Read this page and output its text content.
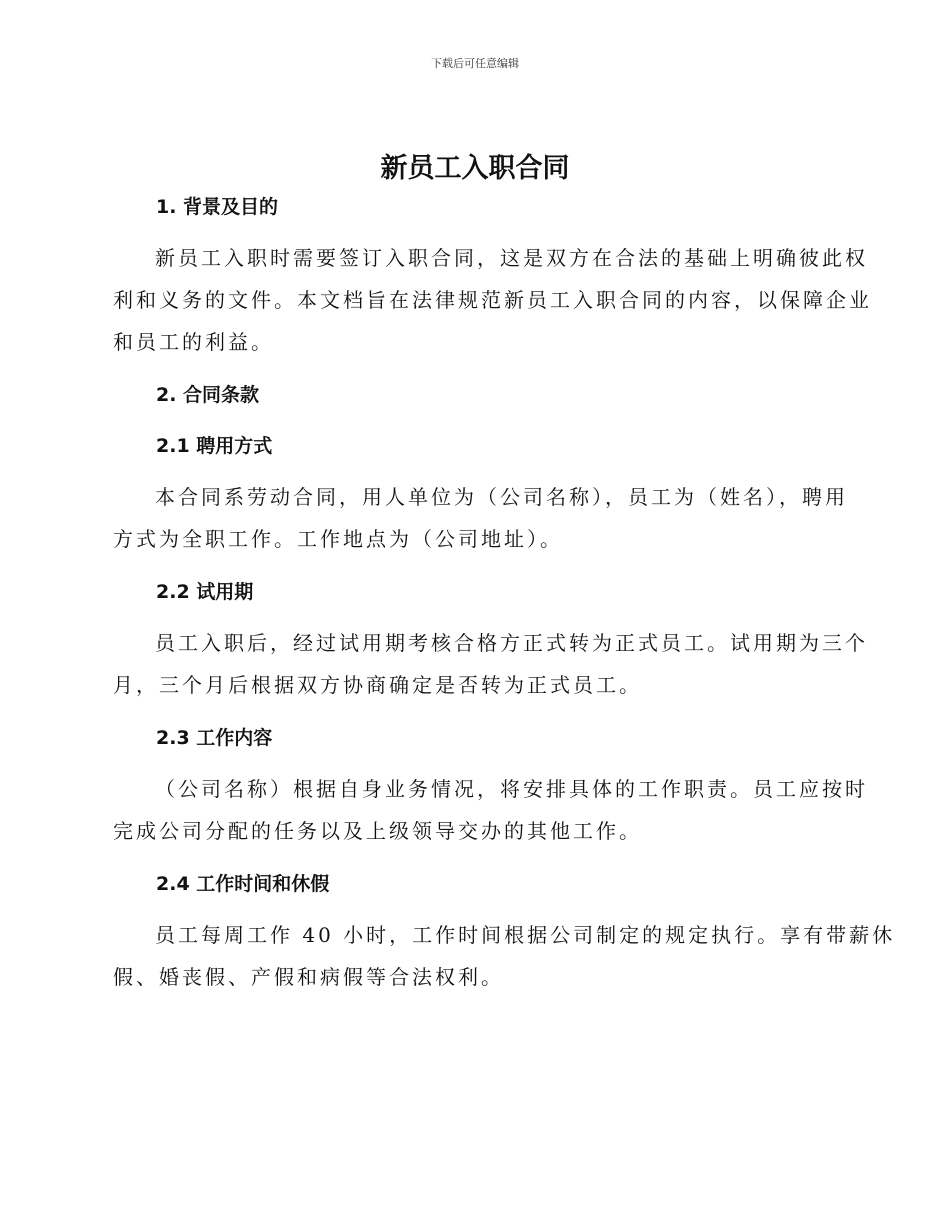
下载后可任意编辑
新员工入职合同
1. 背景及目的
新员工入职时需要签订入职合同，这是双方在合法的基础上明确彼此权
利和义务的文件。本文档旨在法律规范新员工入职合同的内容，以保障企业
和员工的利益。
2. 合同条款
2.1 聘用方式
本合同系劳动合同，用人单位为（公司名称），员工为（姓名），聘用
方式为全职工作。工作地点为（公司地址）。
2.2 试用期
员工入职后，经过试用期考核合格方正式转为正式员工。试用期为三个
月，三个月后根据双方协商确定是否转为正式员工。
2.3 工作内容
（公司名称）根据自身业务情况，将安排具体的工作职责。员工应按时
完成公司分配的任务以及上级领导交办的其他工作。
2.4 工作时间和休假
员工每周工作 40 小时，工作时间根据公司制定的规定执行。享有带薪休
假、婚丧假、产假和病假等合法权利。
